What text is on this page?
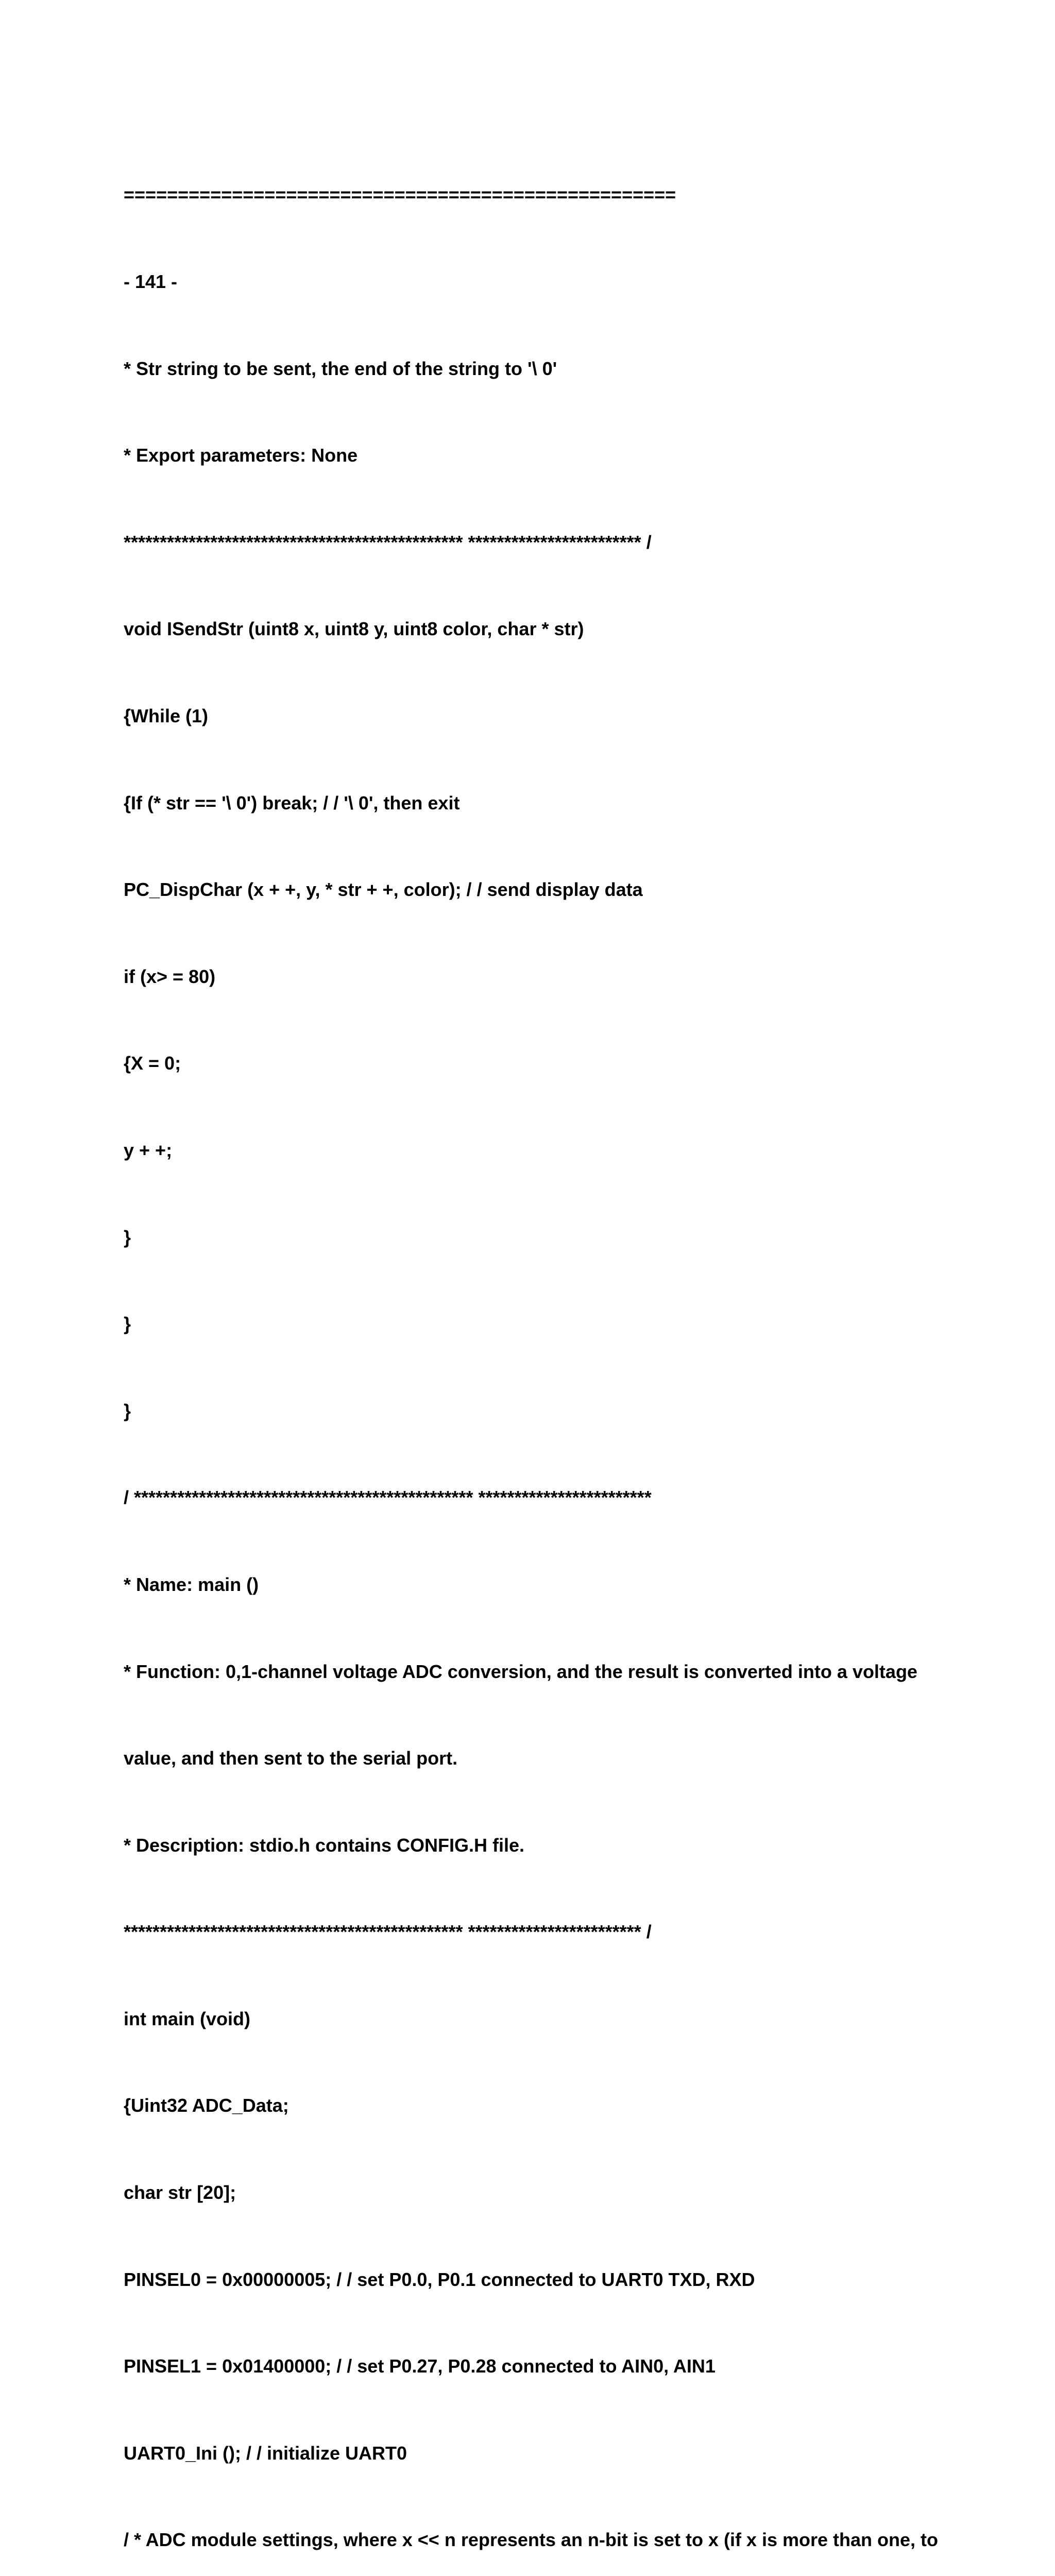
===================================================

- 141 -

* Str string to be sent, the end of the string to '\ 0'

* Export parameters: None

*********************************************** ************************ /

void ISendStr (uint8 x, uint8 y, uint8 color, char * str)

{While (1)

{If (* str == '\ 0') break; / / '\ 0', then exit

PC_DispChar (x + +, y, * str + +, color); / / send display data

if (x> = 80)

{X = 0;

y + +;

}

}

}

/ *********************************************** ************************

* Name: main ()

* Function: 0,1-channel voltage ADC conversion, and the result is converted into a voltage

value, and then sent to the serial port.

* Description: stdio.h contains CONFIG.H file.

*********************************************** ************************ /

int main (void)

{Uint32 ADC_Data;

char str [20];

PINSEL0 = 0x00000005; / / set P0.0, P0.1 connected to UART0 TXD, RXD

PINSEL1 = 0x01400000; / / set P0.27, P0.28 connected to AIN0, AIN1

UART0_Ini (); / / initialize UART0

/ * ADC module settings, where x << n represents an n-bit is set to x (if x is more than one, to
